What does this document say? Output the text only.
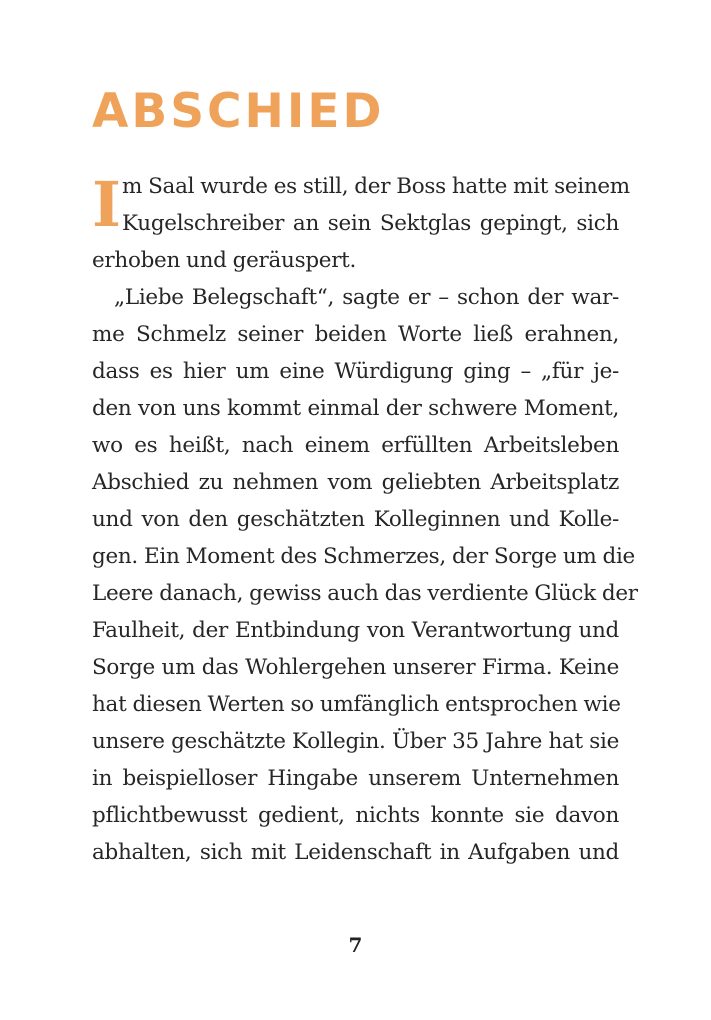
ABSCHIED
I m Saal wurde es still, der Boss hatte mit seinem
Kugelschreiber an sein Sektglas gepingt, sich
erhoben und geräuspert.
„Liebe Belegschaft“, sagte er – schon der war-
me Schmelz seiner beiden Worte ließ erahnen,
dass es hier um eine Würdigung ging – „für je-
den von uns kommt einmal der schwere Moment,
wo es heißt, nach einem erfüllten Arbeitsleben
Abschied zu nehmen vom geliebten Arbeitsplatz
und von den geschätzten Kolleginnen und Kolle-
gen. Ein Moment des Schmerzes, der Sorge um die
Leere danach, gewiss auch das verdiente Glück der
Faulheit, der Entbindung von Verantwortung und
Sorge um das Wohlergehen unserer Firma. Keine
hat diesen Werten so umfänglich entsprochen wie
unsere geschätzte Kollegin. Über 35 Jahre hat sie
in beispielloser Hingabe unserem Unternehmen
pflichtbewusst gedient, nichts konnte sie davon
abhalten, sich mit Leidenschaft in Aufgaben und
7
